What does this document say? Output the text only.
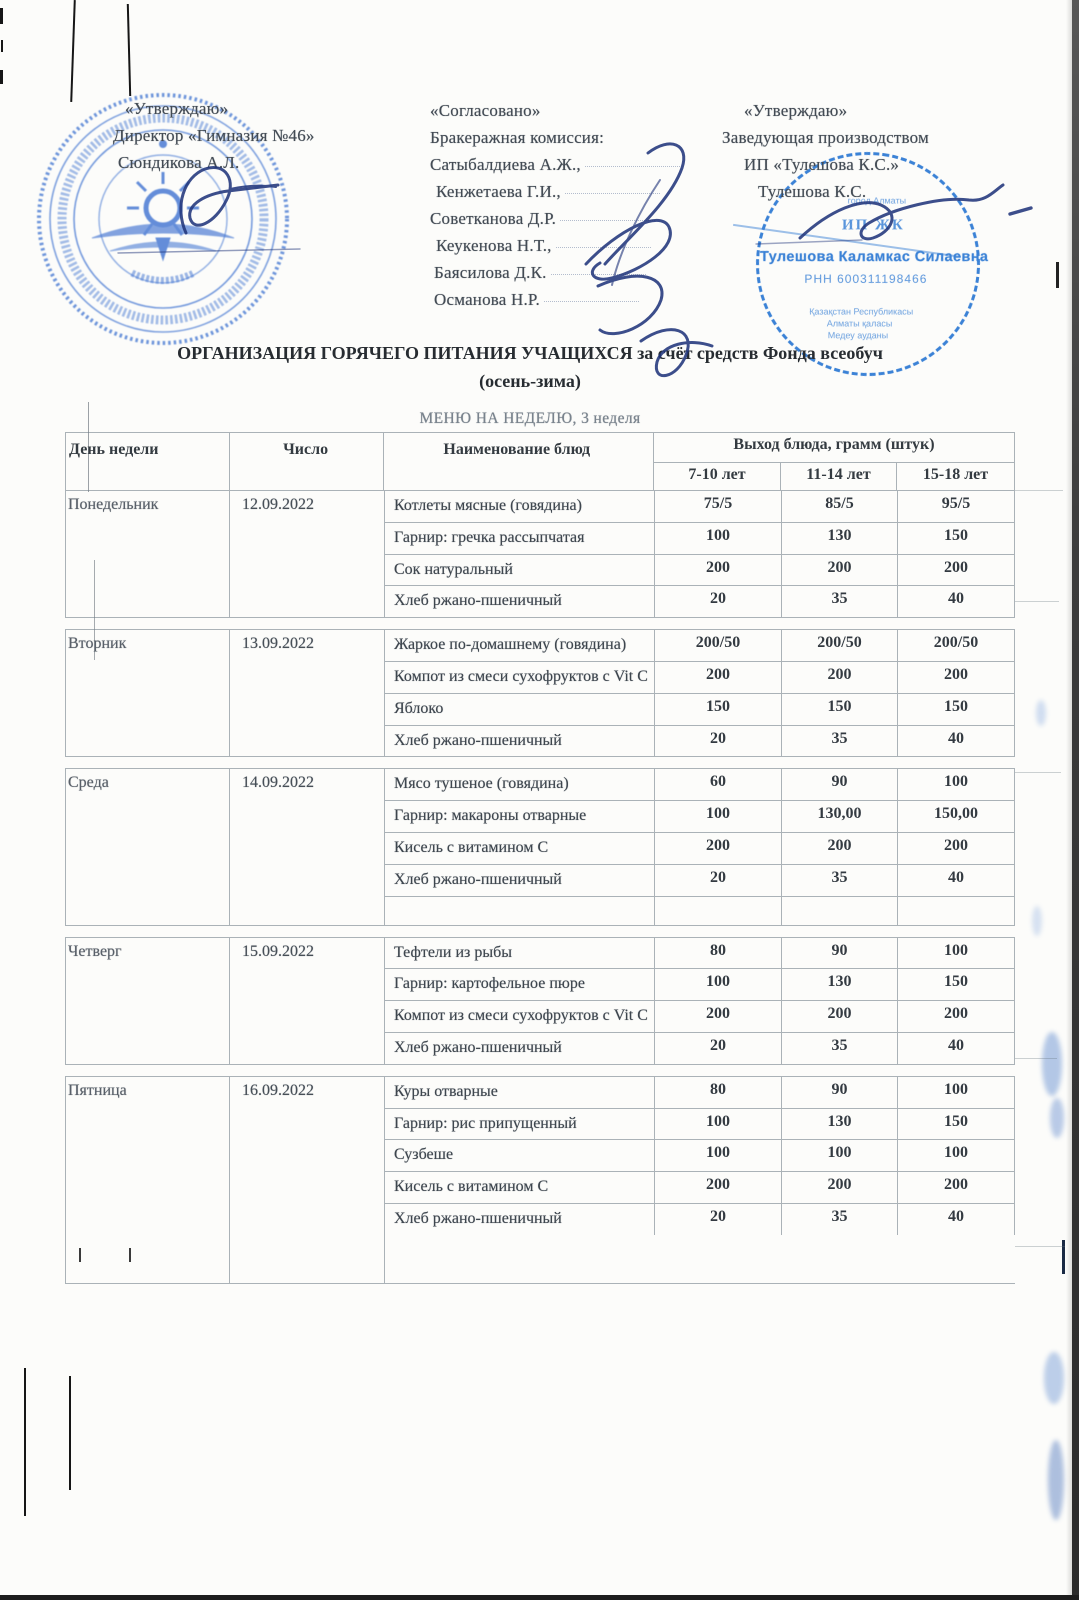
«Утверждаю»
Директор «Гимназия №46»
Сюндикова А.Л.
«Согласовано»
Бракеражная комиссия:
Сатыбалдиева А.Ж.,
Кенжетаева Г.И.,
Советканова Д.Р.
Кеукенова Н.Т.,
Баясилова Д.К.
Османова Н.Р.
«Утверждаю»
Заведующая производством
ИП «Тулешова К.С.»
Тулешова К.С.
город Алматы
ИП ЖК
Тулешова Каламкас Силаевна
РНН 600311198466
Қазақстан Республикасы
Алматы қаласы
Медеу ауданы
ОРГАНИЗАЦИЯ ГОРЯЧЕГО ПИТАНИЯ УЧАЩИХСЯ за счёт средств Фонда всеобуч
(осень-зима)
МЕНЮ НА НЕДЕЛЮ, 3 неделя
День недели	Число	Наименование блюд	Выход блюда, грамм (штук)
7-10 лет	11-14 лет	15-18 лет
Понедельник	12.09.2022	Котлеты мясные (говядина)	75/5	85/5	95/5
Гарнир: гречка рассыпчатая	100	130	150
Сок натуральный	200	200	200
Хлеб ржано-пшеничный	20	35	40
Вторник	13.09.2022	Жаркое по-домашнему (говядина)	200/50	200/50	200/50
Компот из смеси сухофруктов с Vit C	200	200	200
Яблоко	150	150	150
Хлеб ржано-пшеничный	20	35	40
Среда	14.09.2022	Мясо тушеное (говядина)	60	90	100
Гарнир: макароны отварные	100	130,00	150,00
Кисель с витамином С	200	200	200
Хлеб ржано-пшеничный	20	35	40
Четверг	15.09.2022	Тефтели из рыбы	80	90	100
Гарнир: картофельное пюре	100	130	150
Компот из смеси сухофруктов с Vit C	200	200	200
Хлеб ржано-пшеничный	20	35	40
Пятница	16.09.2022	Куры отварные	80	90	100
Гарнир: рис припущенный	100	130	150
Сузбеше	100	100	100
Кисель с витамином С	200	200	200
Хлеб ржано-пшеничный	20	35	40
